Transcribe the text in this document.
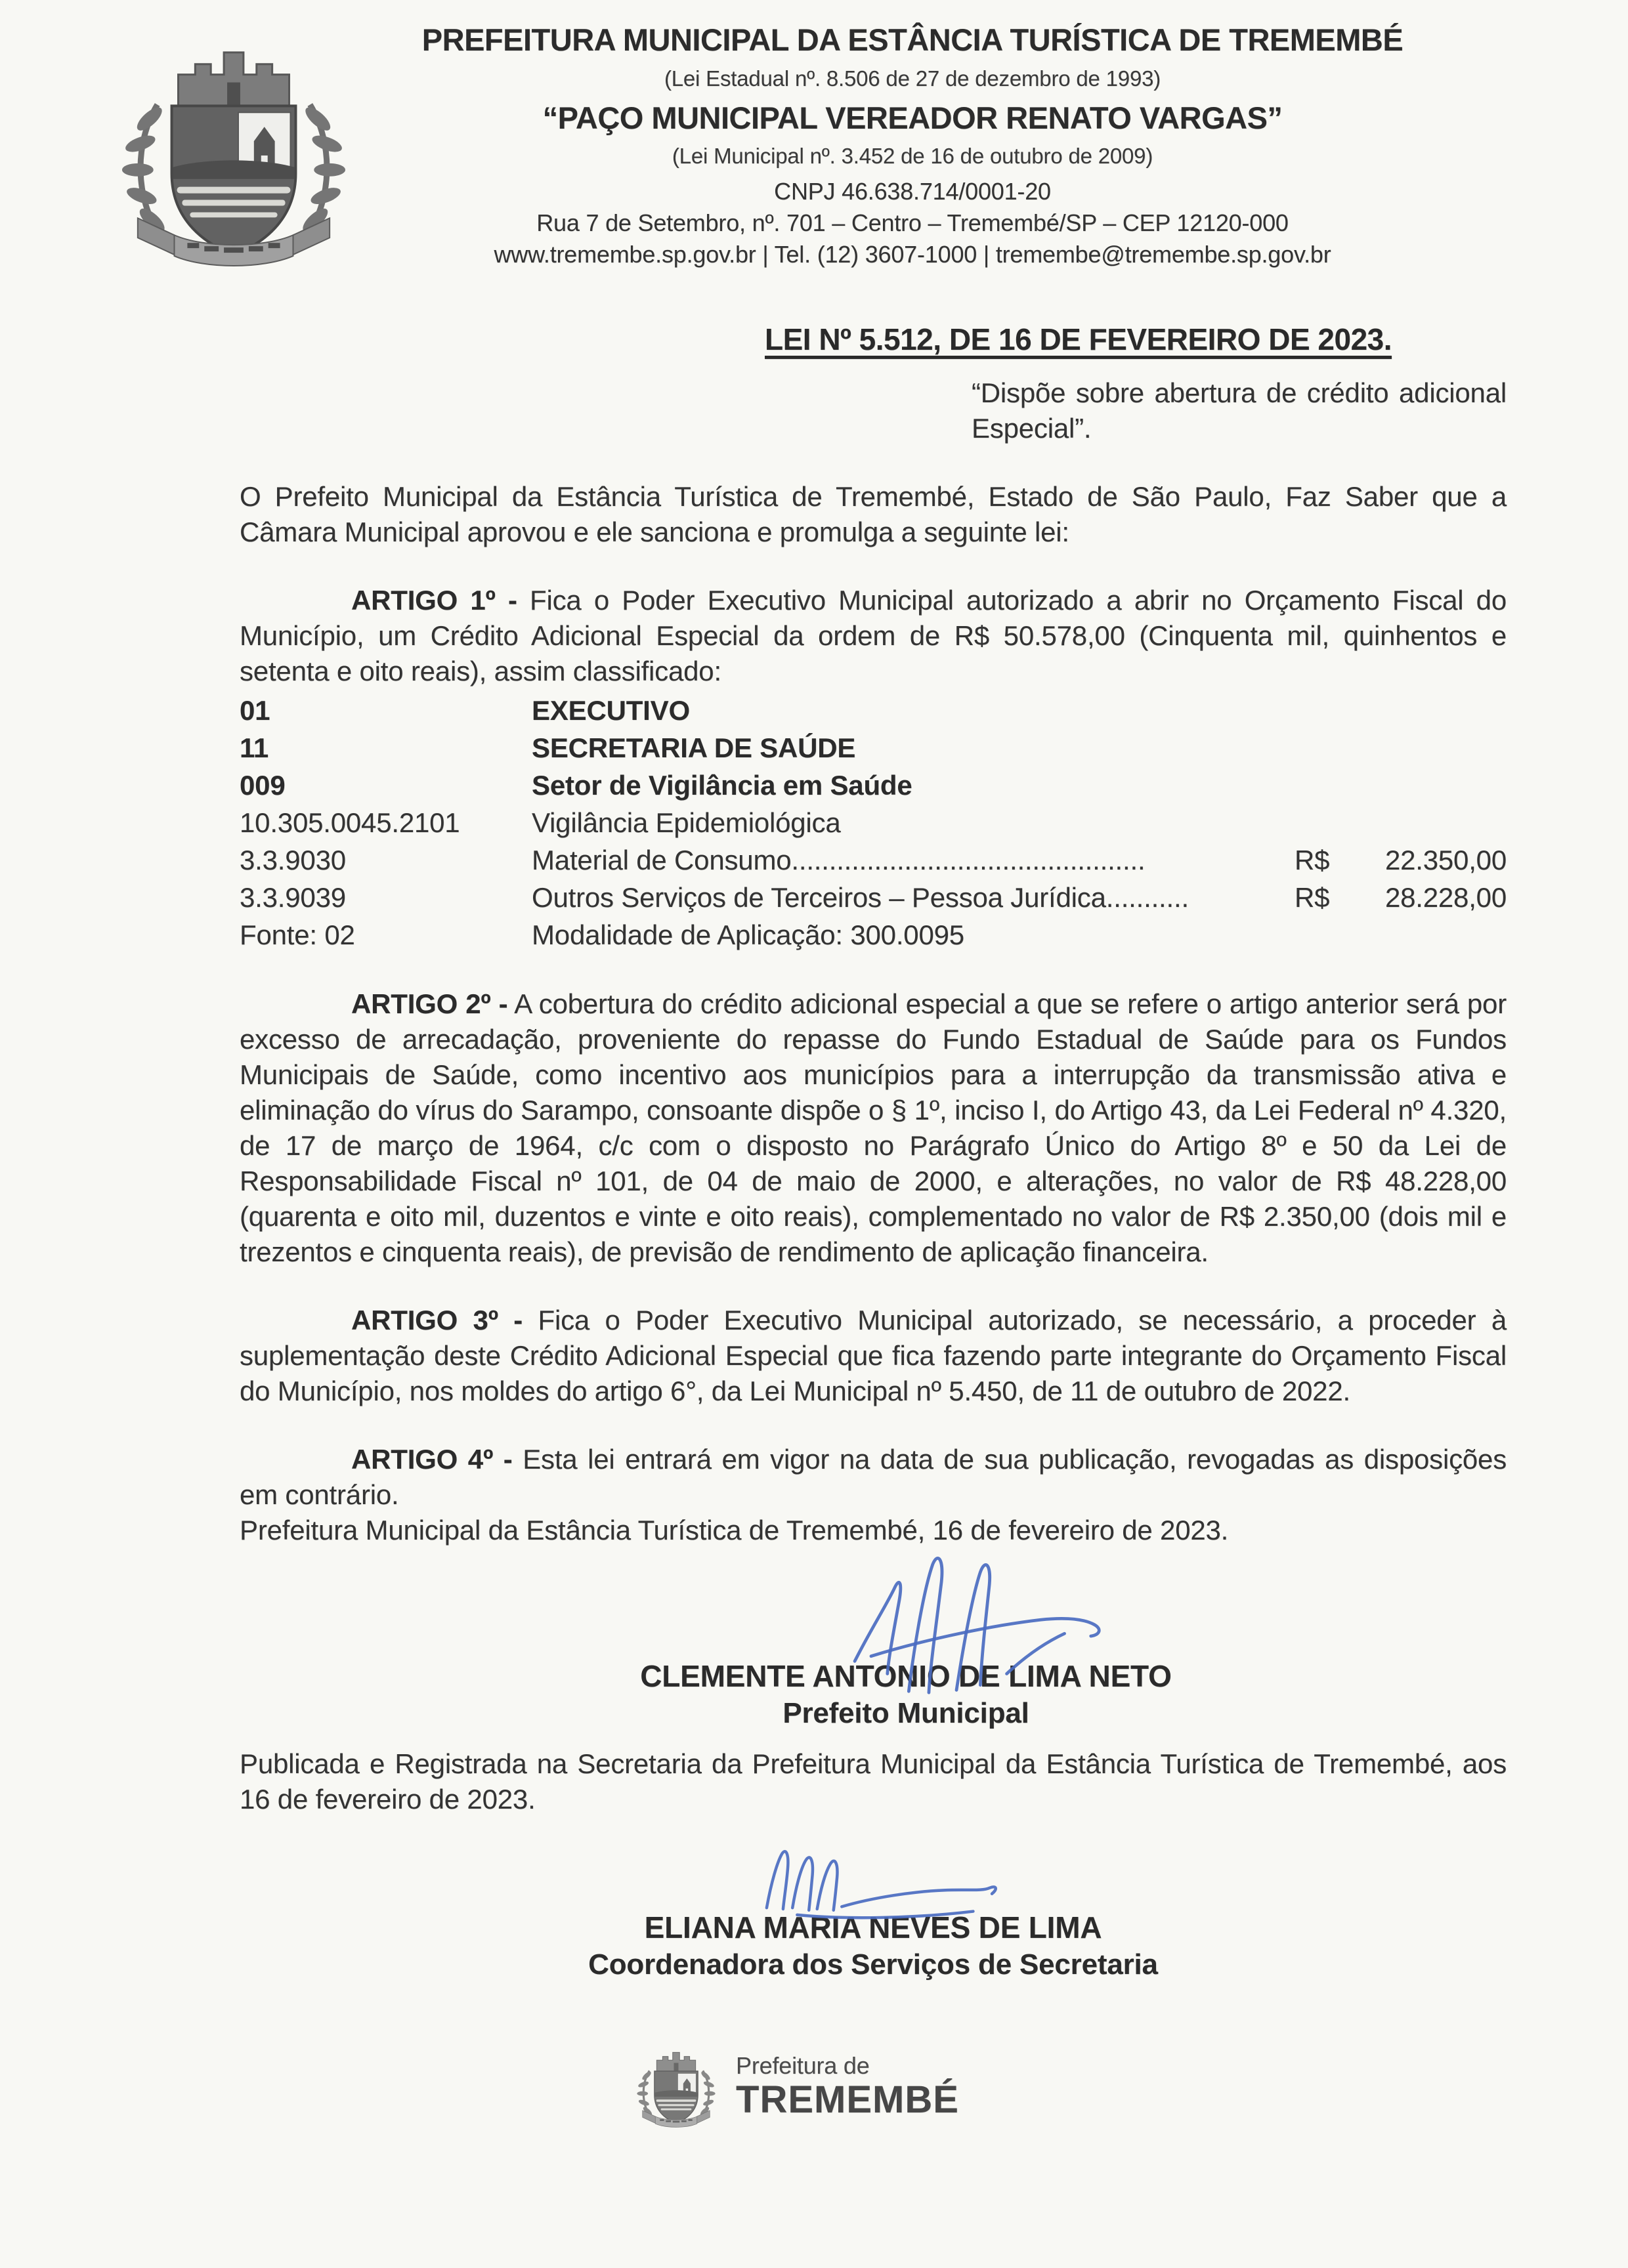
PREFEITURA MUNICIPAL DA ESTÂNCIA TURÍSTICA DE TREMEMBÉ
(Lei Estadual nº. 8.506 de 27 de dezembro de 1993)
“PAÇO MUNICIPAL VEREADOR RENATO VARGAS”
(Lei Municipal nº. 3.452 de 16 de outubro de 2009)
CNPJ 46.638.714/0001-20
Rua 7 de Setembro, nº. 701 – Centro – Tremembé/SP – CEP 12120-000
www.tremembe.sp.gov.br | Tel. (12) 3607-1000 | tremembe@tremembe.sp.gov.br
LEI Nº 5.512, DE 16 DE FEVEREIRO DE 2023.
“Dispõe sobre abertura de crédito adicional Especial”.

O Prefeito Municipal da Estância Turística de Tremembé, Estado de São Paulo, Faz Saber que a Câmara Municipal aprovou e ele sanciona e promulga a seguinte lei:

ARTIGO 1º - Fica o Poder Executivo Municipal autorizado a abrir no Orçamento Fiscal do Município, um Crédito Adicional Especial da ordem de R$ 50.578,00 (Cinquenta mil, quinhentos e setenta e oito reais), assim classificado:

01	EXECUTIVO
11	SECRETARIA DE SAÚDE
009	Setor de Vigilância em Saúde
10.305.0045.2101	Vigilância Epidemiológica
3.3.9030	Material de Consumo...............................................	R$	22.350,00
3.3.9039	Outros Serviços de Terceiros – Pessoa Jurídica...........	R$	28.228,00
Fonte: 02	Modalidade de Aplicação: 300.0095

ARTIGO 2º - A cobertura do crédito adicional especial a que se refere o artigo anterior será por excesso de arrecadação, proveniente do repasse do Fundo Estadual de Saúde para os Fundos Municipais de Saúde, como incentivo aos municípios para a interrupção da transmissão ativa e eliminação do vírus do Sarampo, consoante dispõe o § 1º, inciso I, do Artigo 43, da Lei Federal nº 4.320, de 17 de março de 1964, c/c com o disposto no Parágrafo Único do Artigo 8º e 50 da Lei de Responsabilidade Fiscal nº 101, de 04 de maio de 2000, e alterações, no valor de R$ 48.228,00 (quarenta e oito mil, duzentos e vinte e oito reais), complementado no valor de R$ 2.350,00 (dois mil e trezentos e cinquenta reais), de previsão de rendimento de aplicação financeira.

ARTIGO 3º - Fica o Poder Executivo Municipal autorizado, se necessário, a proceder à suplementação deste Crédito Adicional Especial que fica fazendo parte integrante do Orçamento Fiscal do Município, nos moldes do artigo 6°, da Lei Municipal nº 5.450, de 11 de outubro de 2022.

ARTIGO 4º - Esta lei entrará em vigor na data de sua publicação, revogadas as disposições em contrário.

Prefeitura Municipal da Estância Turística de Tremembé, 16 de fevereiro de 2023.

CLEMENTE ANTONIO DE LIMA NETO
Prefeito Municipal

Publicada e Registrada na Secretaria da Prefeitura Municipal da Estância Turística de Tremembé, aos 16 de fevereiro de 2023.

ELIANA MARIA NEVES DE LIMA
Coordenadora dos Serviços de Secretaria
Prefeitura de
TREMEMBÉ
